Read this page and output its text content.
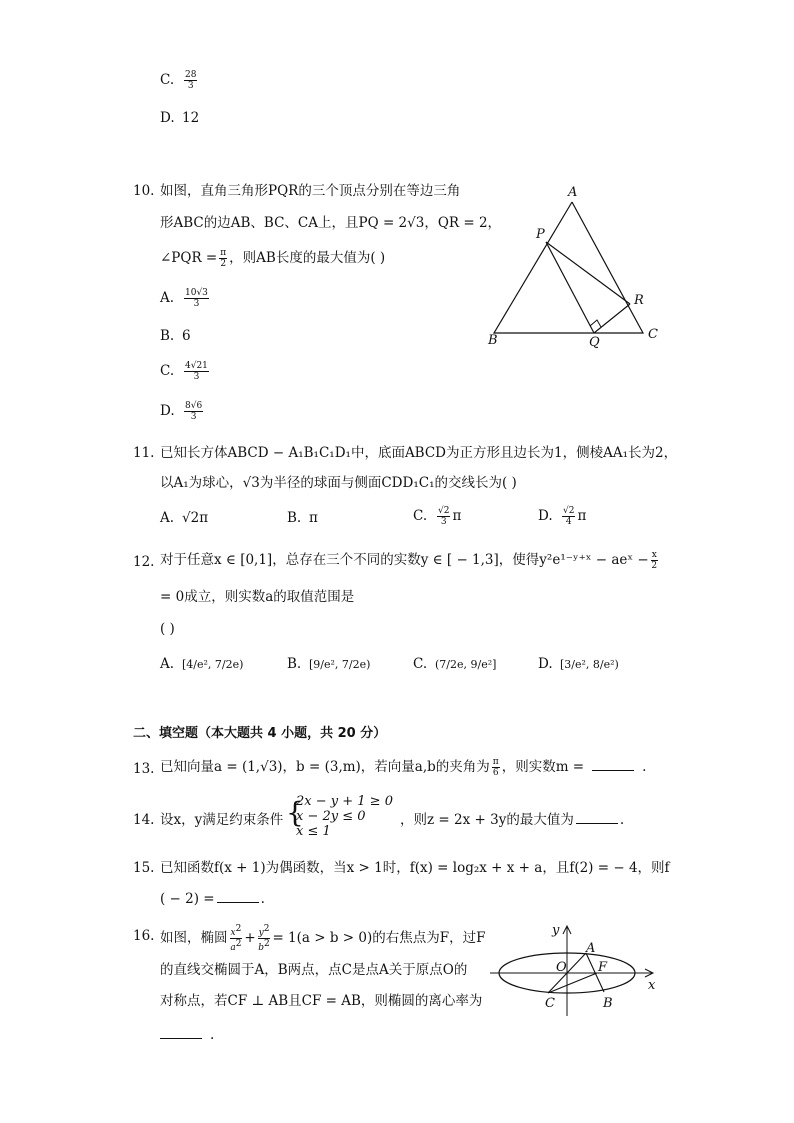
C. $\frac{28}{3}$
D. 12
10. 如图，直角三角形PQR的三个顶点分别在等边三角
形ABC的边AB、BC、CA上，且PQ = 2√3，QR = 2，
∠PQR = $\frac{\pi}{2}$ ，则AB长度的最大值为( )
A. $\frac{10√3}{3}$
B. 6
C. $\frac{4√21}{3}$
D. $\frac{8√6}{3}$
A
B	C
P
Q
R
11. 已知长方体ABCD − A₁B₁C₁D₁中，底面ABCD为正方形且边长为1，侧棱AA₁长为2，
以A₁为球心，√3为半径的球面与侧面CDD₁C₁的交线长为( )
A. √2π	B. π	C. $\frac{√2}{3}$ π	D. $\frac{√2}{4}$ π
12. 对于任意x ∈ [0,1]，总存在三个不同的实数y ∈ [ − 1,3]，使得y²e¹⁻ʸ⁺ˣ − aeˣ − $\frac{x}{2}$
= 0成立，则实数a的取值范围是
( )
A. [4/e², 7/2e)	B. [9/e², 7/2e)	C. (7/2e, 9/e²]	D. [3/e², 8/e²)
二、填空题（本大题共 4 小题，共 20 分）
13. 已知向量a = (1,√3)，b = (3,m)，若向量a,b的夹角为 $\frac{\pi}{6}$ ，则实数m =	.
14. 设x，y满足约束条件 {
2x − y + 1 ≥ 0
x − 2y ≤ 0
x ≤ 1
，则z = 2x + 3y的最大值为	.
15. 已知函数f(x + 1)为偶函数，当x > 1时，f(x) = log₂x + x + a，且f(2) = − 4，则f
( − 2) =	.
16. 如图，椭圆 $\frac{x^2}{a^2} + \frac{y^2}{b^2} = 1(a > b > 0)$的右焦点为F，过F
的直线交椭圆于A，B两点，点C是点A关于原点O的
对称点，若CF ⊥ AB且CF = AB，则椭圆的离心率为
.
y
x
A
O F
C	B
